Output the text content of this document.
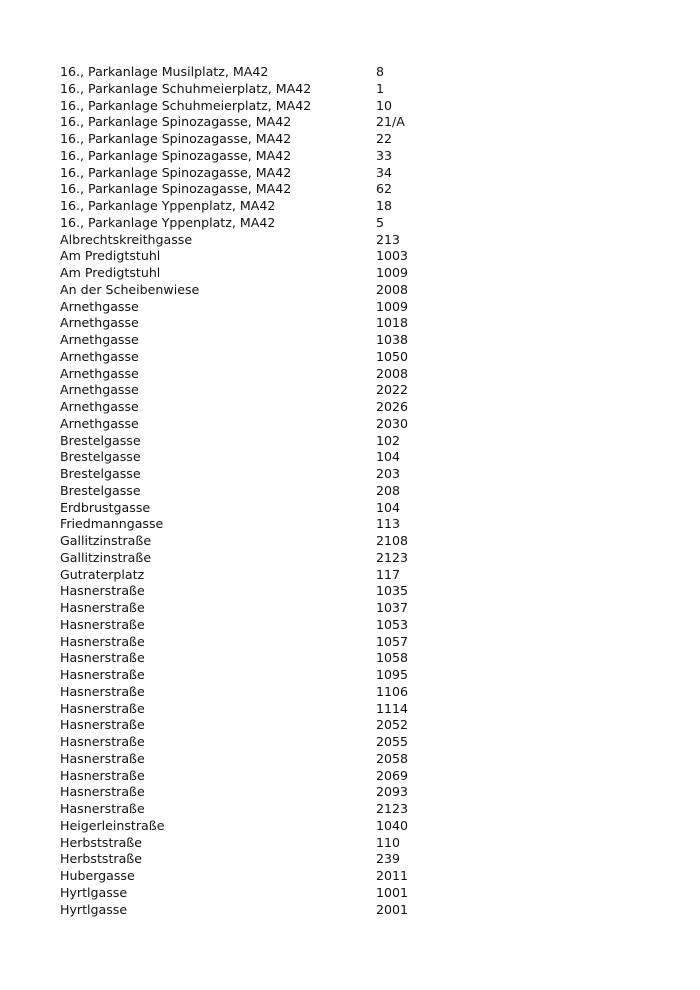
16., Parkanlage Musilplatz, MA42	8
16., Parkanlage Schuhmeierplatz, MA42	1
16., Parkanlage Schuhmeierplatz, MA42	10
16., Parkanlage Spinozagasse, MA42	21/A
16., Parkanlage Spinozagasse, MA42	22
16., Parkanlage Spinozagasse, MA42	33
16., Parkanlage Spinozagasse, MA42	34
16., Parkanlage Spinozagasse, MA42	62
16., Parkanlage Yppenplatz, MA42	18
16., Parkanlage Yppenplatz, MA42	5
Albrechtskreithgasse	213
Am Predigtstuhl	1003
Am Predigtstuhl	1009
An der Scheibenwiese	2008
Arnethgasse	1009
Arnethgasse	1018
Arnethgasse	1038
Arnethgasse	1050
Arnethgasse	2008
Arnethgasse	2022
Arnethgasse	2026
Arnethgasse	2030
Brestelgasse	102
Brestelgasse	104
Brestelgasse	203
Brestelgasse	208
Erdbrustgasse	104
Friedmanngasse	113
Gallitzinstraße	2108
Gallitzinstraße	2123
Gutraterplatz	117
Hasnerstraße	1035
Hasnerstraße	1037
Hasnerstraße	1053
Hasnerstraße	1057
Hasnerstraße	1058
Hasnerstraße	1095
Hasnerstraße	1106
Hasnerstraße	1114
Hasnerstraße	2052
Hasnerstraße	2055
Hasnerstraße	2058
Hasnerstraße	2069
Hasnerstraße	2093
Hasnerstraße	2123
Heigerleinstraße	1040
Herbststraße	110
Herbststraße	239
Hubergasse	2011
Hyrtlgasse	1001
Hyrtlgasse	2001
